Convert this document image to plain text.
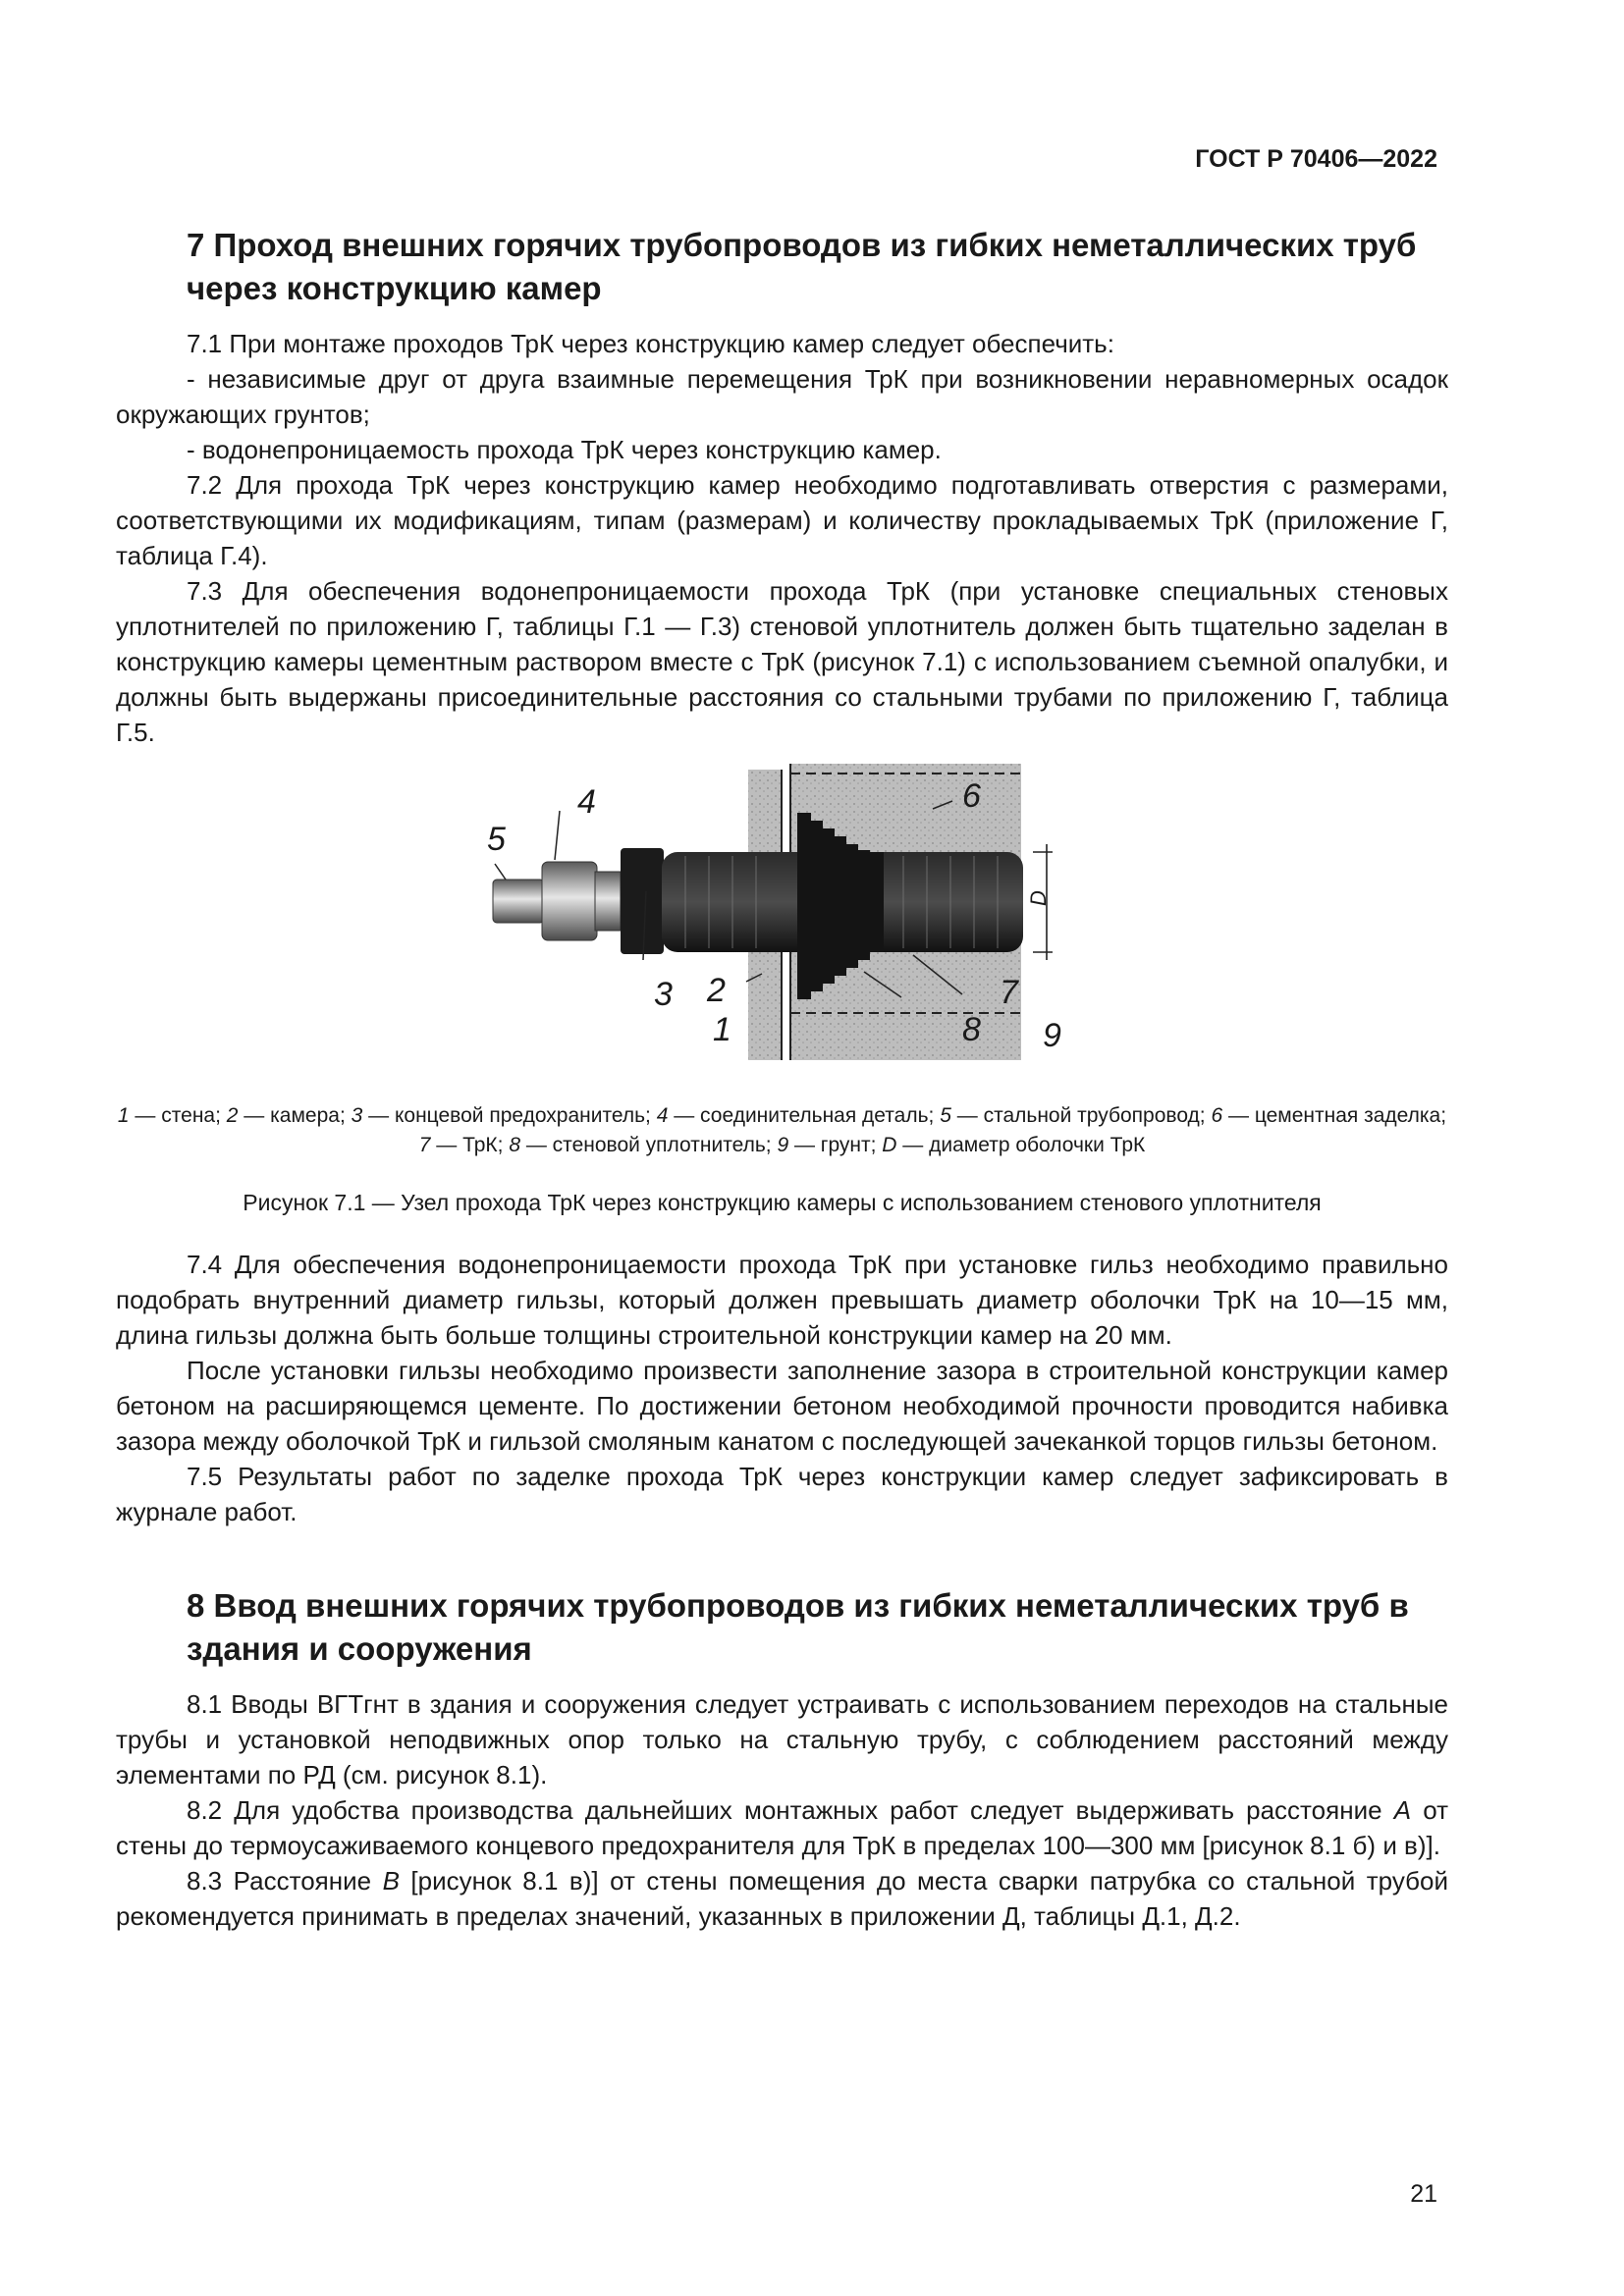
ГОСТ Р 70406—2022
7 Проход внешних горячих трубопроводов из гибких неметаллических труб через конструкцию камер

7.1 При монтаже проходов ТрК через конструкцию камер следует обеспечить:

- независимые друг от друга взаимные перемещения ТрК при возникновении неравномерных осадок окружающих грунтов;

- водонепроницаемость прохода ТрК через конструкцию камер.

7.2 Для прохода ТрК через конструкцию камер необходимо подготавливать отверстия с размерами, соответствующими их модификациям, типам (размерам) и количеству прокладываемых ТрК (приложение Г, таблица Г.4).

7.3 Для обеспечения водонепроницаемости прохода ТрК (при установке специальных стеновых уплотнителей по приложению Г, таблицы Г.1 — Г.3) стеновой уплотнитель должен быть тщательно заделан в конструкцию камеры цементным раствором вместе с ТрК (рисунок 7.1) с использованием съемной опалубки, и должны быть выдержаны присоединительные расстояния со стальными трубами по приложению Г, таблица Г.5.

5
4
3 2
1
6
7
8 9
D

1 — стена; 2 — камера; 3 — концевой предохранитель; 4 — соединительная деталь; 5 — стальной трубопровод; 6 — цементная заделка; 7 — ТрК; 8 — стеновой уплотнитель; 9 — грунт; D — диаметр оболочки ТрК

Рисунок 7.1 — Узел прохода ТрК через конструкцию камеры с использованием стенового уплотнителя

7.4 Для обеспечения водонепроницаемости прохода ТрК при установке гильз необходимо правильно подобрать внутренний диаметр гильзы, который должен превышать диаметр оболочки ТрК на 10—15 мм, длина гильзы должна быть больше толщины строительной конструкции камер на 20 мм.

После установки гильзы необходимо произвести заполнение зазора в строительной конструкции камер бетоном на расширяющемся цементе. По достижении бетоном необходимой прочности проводится набивка зазора между оболочкой ТрК и гильзой смоляным канатом с последующей зачеканкой торцов гильзы бетоном.

7.5 Результаты работ по заделке прохода ТрК через конструкции камер следует зафиксировать в журнале работ.

8 Ввод внешних горячих трубопроводов из гибких неметаллических труб в здания и сооружения

8.1 Вводы ВГТгнт в здания и сооружения следует устраивать с использованием переходов на стальные трубы и установкой неподвижных опор только на стальную трубу, с соблюдением расстояний между элементами по РД (см. рисунок 8.1).

8.2 Для удобства производства дальнейших монтажных работ следует выдерживать расстояние А от стены до термоусаживаемого концевого предохранителя для ТрК в пределах 100—300 мм [рисунок 8.1 б) и в)].

8.3 Расстояние В [рисунок 8.1 в)] от стены помещения до места сварки патрубка со стальной трубой рекомендуется принимать в пределах значений, указанных в приложении Д, таблицы Д.1, Д.2.

21
